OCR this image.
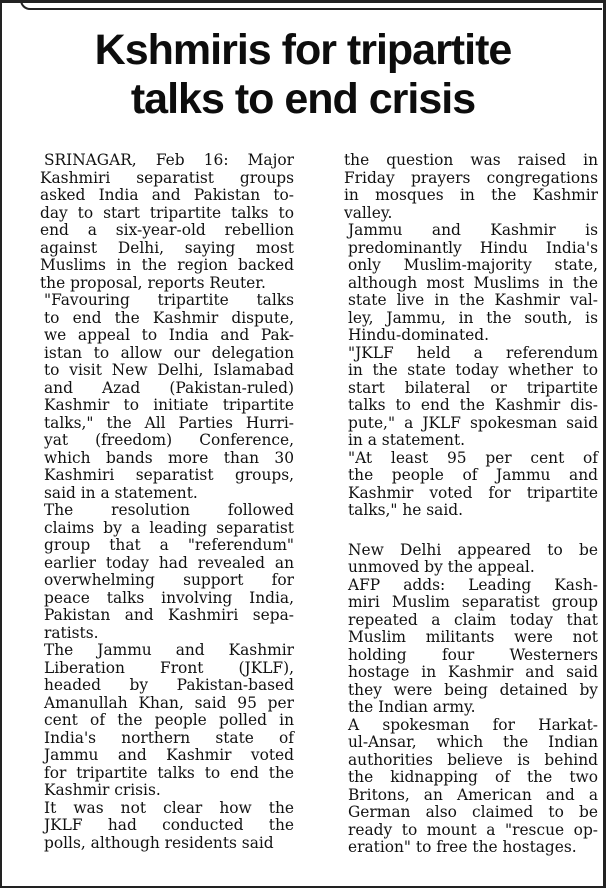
Kshmiris for tripartite
talks to end crisis

SRINAGAR, Feb 16: Major
Kashmiri separatist groups
asked India and Pakistan to-
day to start tripartite talks to
end a six-year-old rebellion
against Delhi, saying most
Muslims in the region backed
the proposal, reports Reuter.

"Favouring tripartite talks
to end the Kashmir dispute,
we appeal to India and Pak-
istan to allow our delegation
to visit New Delhi, Islamabad
and Azad (Pakistan-ruled)
Kashmir to initiate tripartite
talks," the All Parties Hurri-
yat (freedom) Conference,
which bands more than 30
Kashmiri separatist groups,
said in a statement.

The resolution followed
claims by a leading separatist
group that a "referendum"
earlier today had revealed an
overwhelming support for
peace talks involving India,
Pakistan and Kashmiri sepa-
ratists.

The Jammu and Kashmir
Liberation Front (JKLF),
headed by Pakistan-based
Amanullah Khan, said 95 per
cent of the people polled in
India's northern state of
Jammu and Kashmir voted
for tripartite talks to end the
Kashmir crisis.

It was not clear how the
JKLF had conducted the
polls, although residents said

the question was raised in
Friday prayers congregations
in mosques in the Kashmir
valley.

Jammu and Kashmir is
predominantly Hindu India's
only Muslim-majority state,
although most Muslims in the
state live in the Kashmir val-
ley, Jammu, in the south, is
Hindu-dominated.

"JKLF held a referendum
in the state today whether to
start bilateral or tripartite
talks to end the Kashmir dis-
pute," a JKLF spokesman said
in a statement.

"At least 95 per cent of
the people of Jammu and
Kashmir voted for tripartite
talks," he said.

New Delhi appeared to be
unmoved by the appeal.

AFP adds: Leading Kash-
miri Muslim separatist group
repeated a claim today that
Muslim militants were not
holding four Westerners
hostage in Kashmir and said
they were being detained by
the Indian army.

A spokesman for Harkat-
ul-Ansar, which the Indian
authorities believe is behind
the kidnapping of the two
Britons, an American and a
German also claimed to be
ready to mount a "rescue op-
eration" to free the hostages.
